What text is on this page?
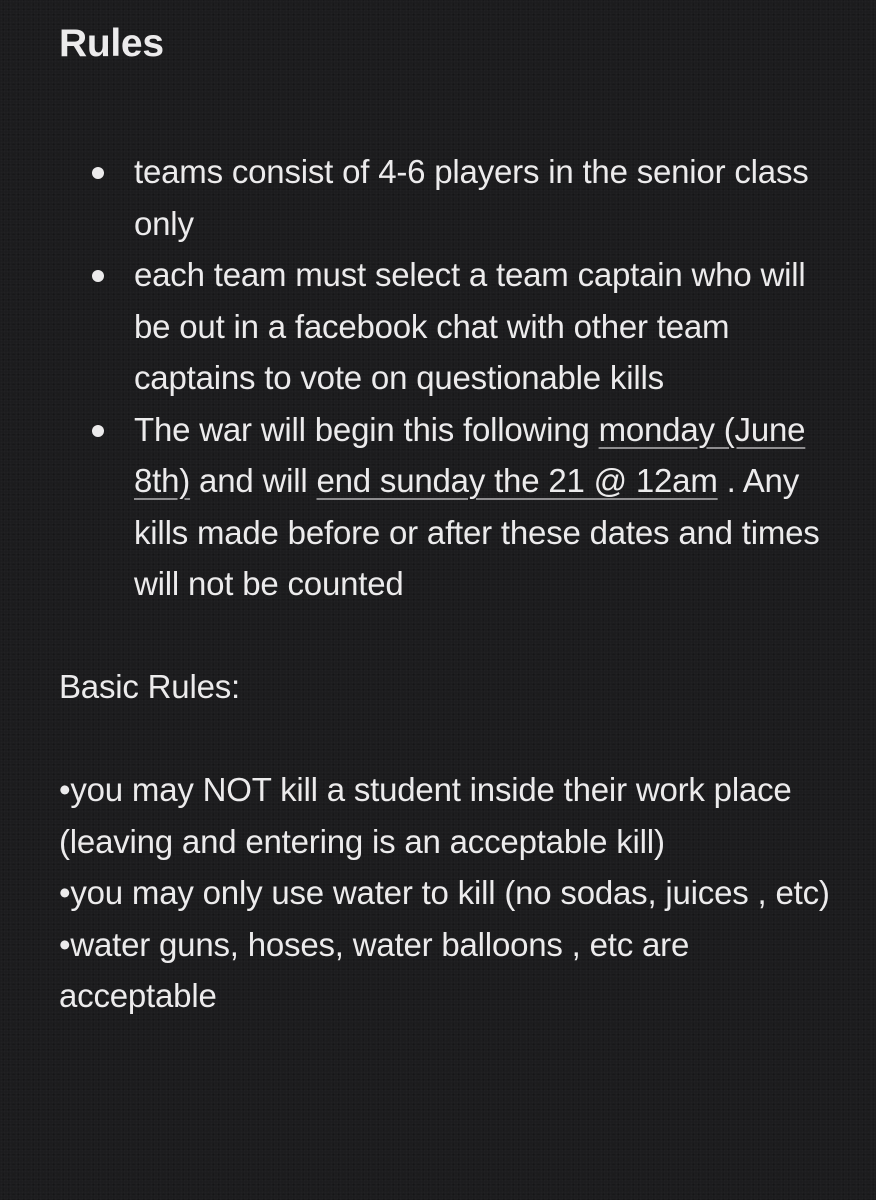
Rules
teams consist of 4-6 players in the senior class only
each team must select a team captain who will be out in a facebook chat with other team captains to vote on questionable kills
The war will begin this following monday (June 8th) and will end sunday the 21 @ 12am . Any kills made before or after these dates and times will not be counted

Basic Rules:

•you may NOT kill a student inside their work place (leaving and entering is an acceptable kill)

•you may only use water to kill (no sodas, juices , etc)

•water guns, hoses, water balloons , etc are acceptable
